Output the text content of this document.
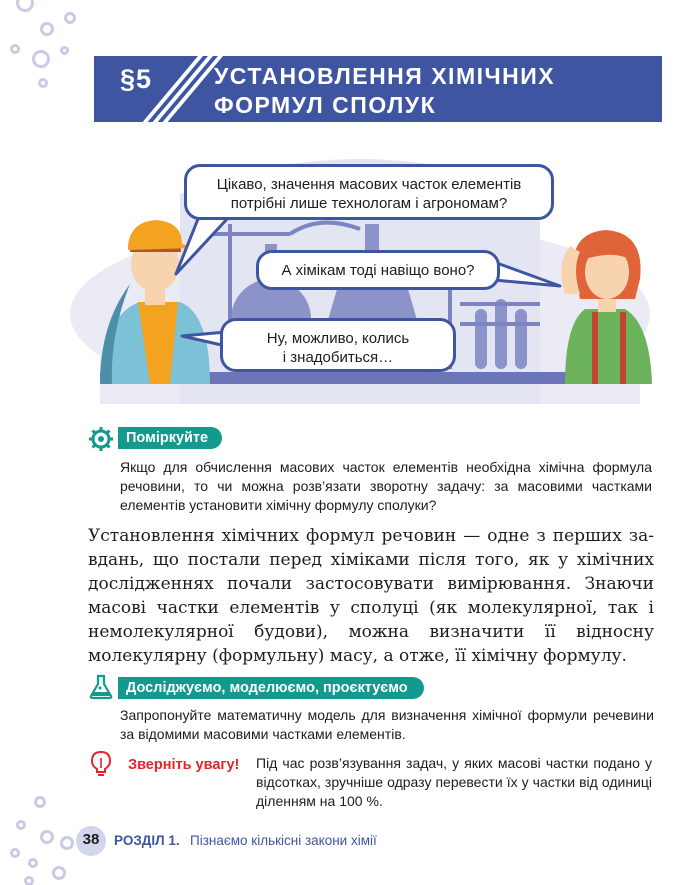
§5	УСТАНОВЛЕННЯ ХІМІЧНИХ
ФОРМУЛ СПОЛУК
Цікаво, значення масових часток елементів
потрібні лише технологам і агрономам?
А хімікам тоді навіщо воно?
Ну, можливо, колись
і знадобиться…
Поміркуйте
Якщо для обчислення масових часток елементів необхідна хімічна формула речовини, то чи можна розв’язати зворотну задачу: за масовими частками елементів установити хімічну формулу сполуки?
Установлення хімічних формул речовин — одне з перших завдань, що постали перед хіміками після того, як у хімічних дослідженнях почали застосовувати вимірювання. Знаючи масові частки елементів у сполуці (як молекулярної, так і немолекулярної будови), можна визначити її відносну молекулярну (формульну) масу, а отже, її хімічну формулу.
Досліджуємо, моделюємо, проєктуємо
Запропонуйте математичну модель для визначення хімічної формули речевини за відомими масовими частками елементів.
Зверніть увагу! Під час розв’язування задач, у яких масові частки подано у відсотках, зручніше одразу перевести їх у частки від одиниці діленням на 100 %.
38 РОЗДІЛ 1. Пізнаємо кількісні закони хімії
